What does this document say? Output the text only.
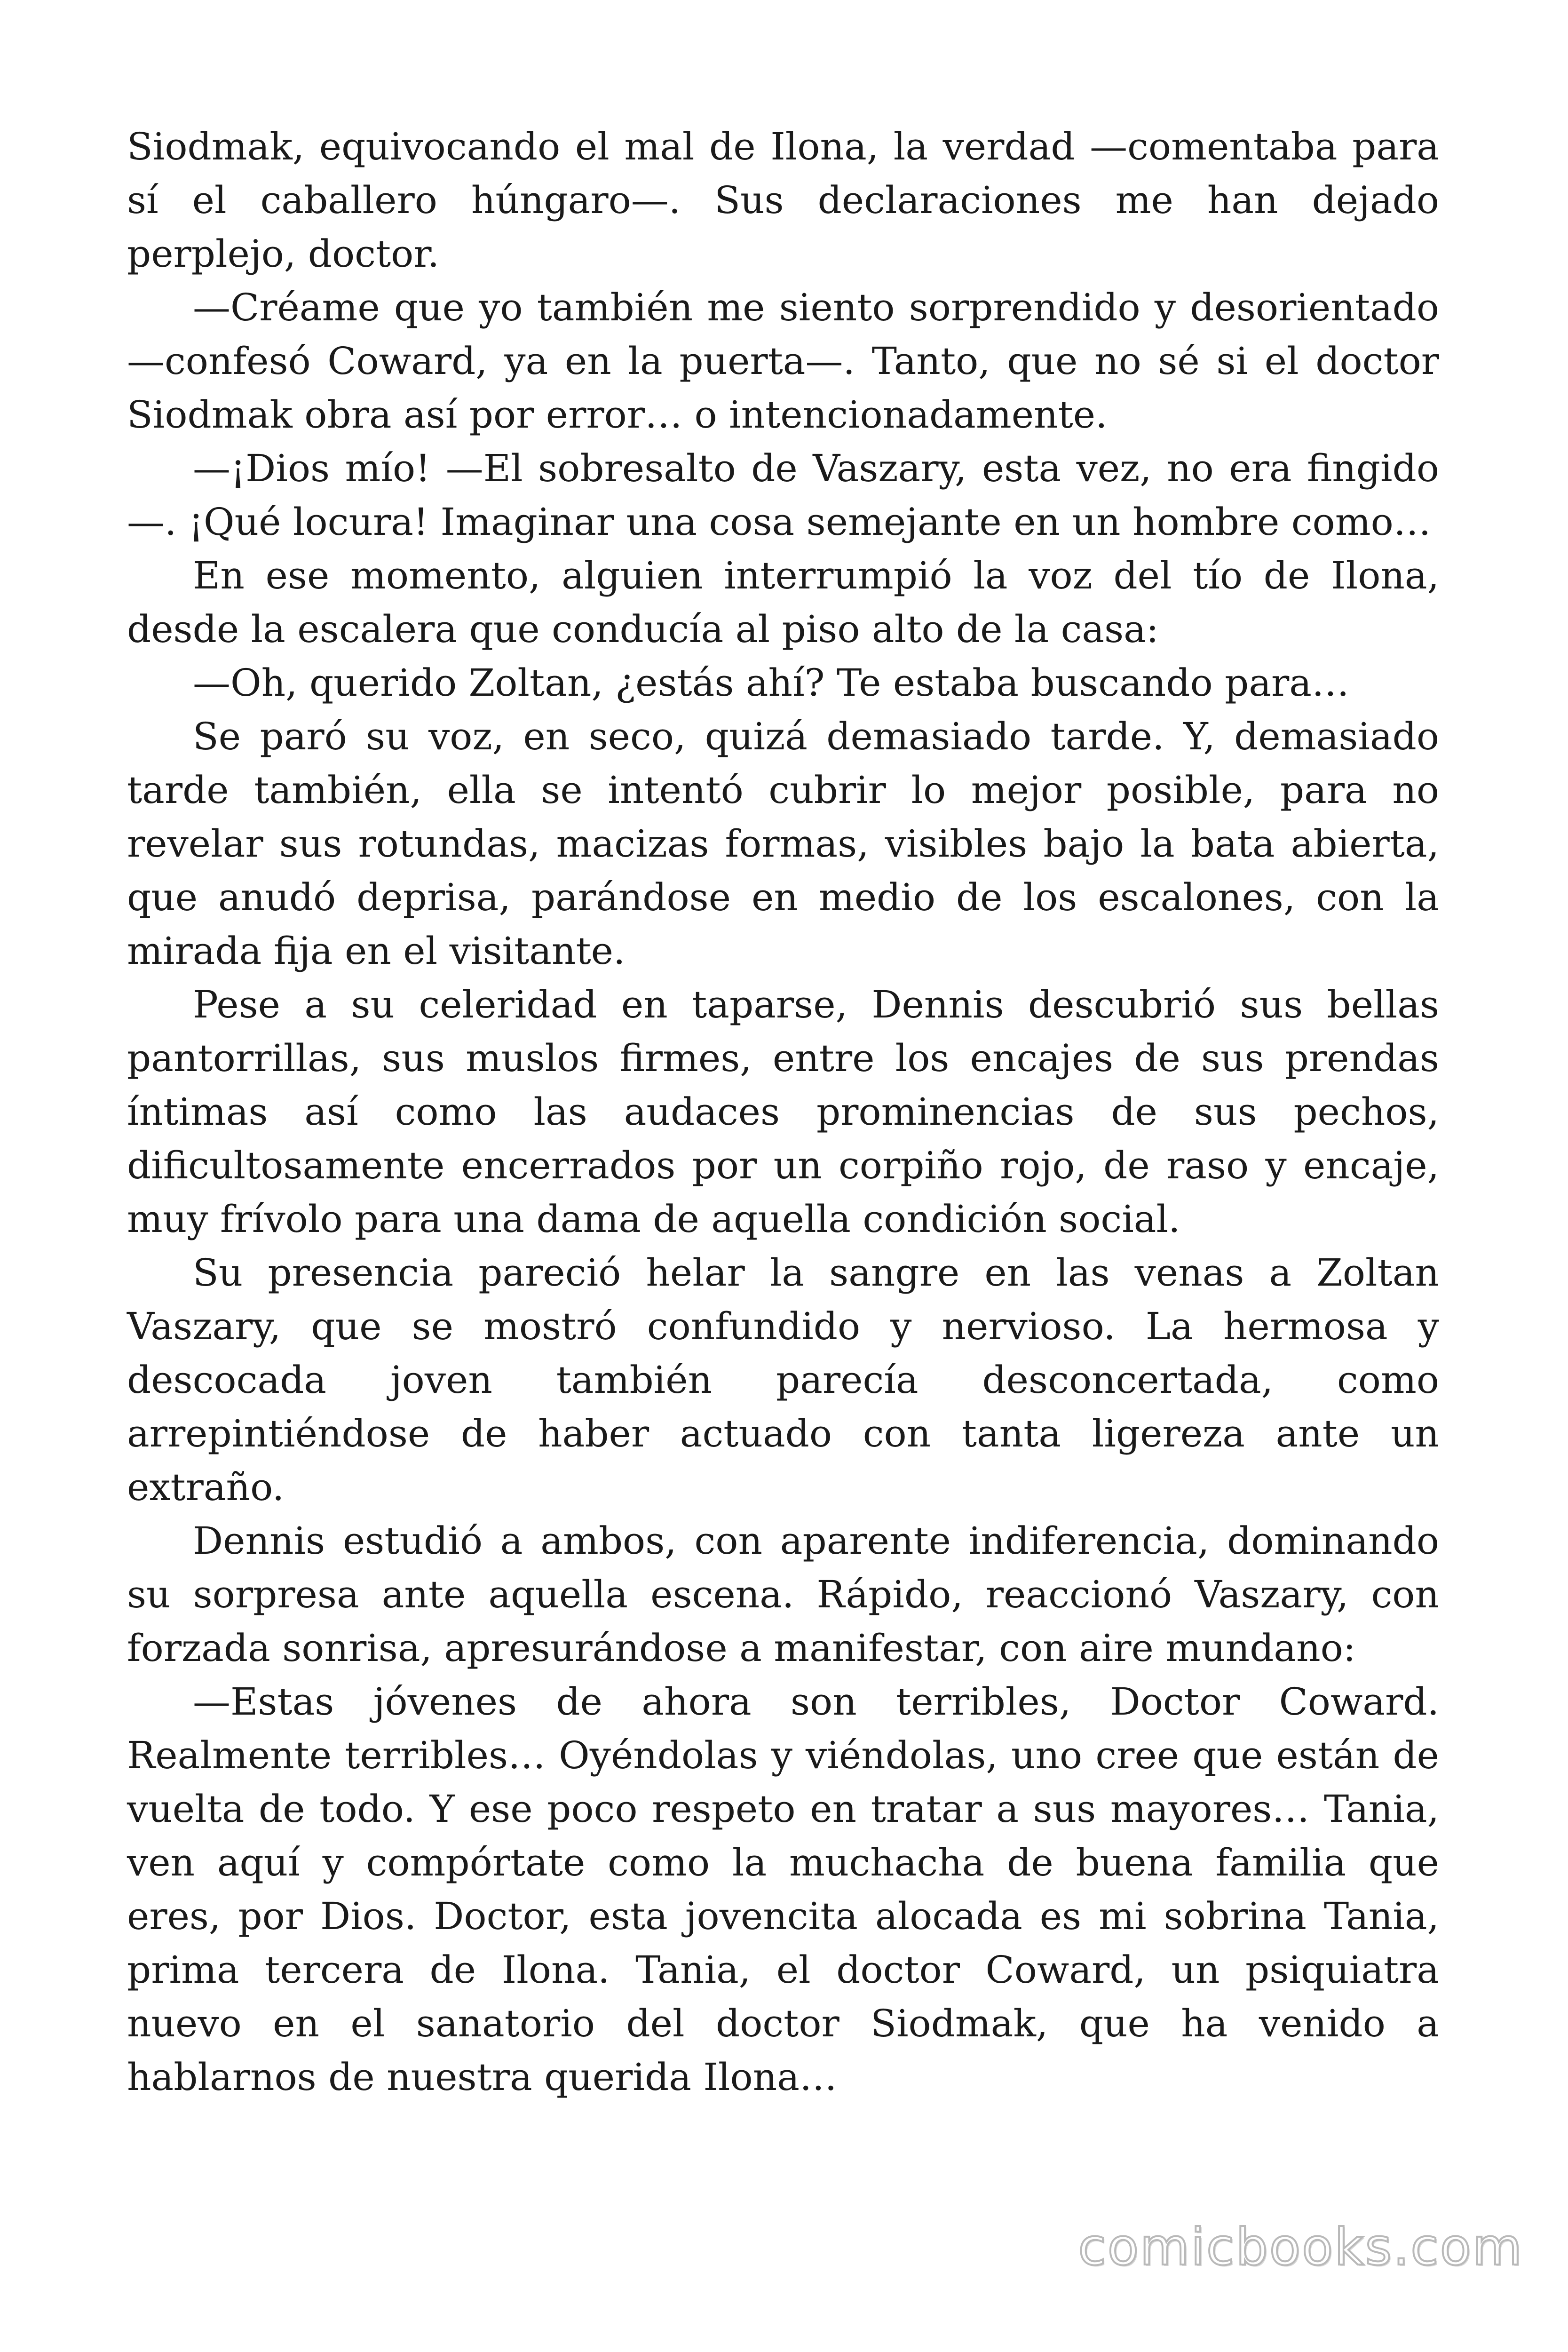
Siodmak, equivocando el mal de Ilona, la verdad —comentaba para sí el caballero húngaro—. Sus declaraciones me han dejado perplejo, doctor.

—Créame que yo también me siento sorprendido y desorientado —confesó Coward, ya en la puerta—. Tanto, que no sé si el doctor Siodmak obra así por error… o intencionadamente.

—¡Dios mío! —El sobresalto de Vaszary, esta vez, no era fingido —. ¡Qué locura! Imaginar una cosa semejante en un hombre como…

En ese momento, alguien interrumpió la voz del tío de Ilona, desde la escalera que conducía al piso alto de la casa:

—Oh, querido Zoltan, ¿estás ahí? Te estaba buscando para…

Se paró su voz, en seco, quizá demasiado tarde. Y, demasiado tarde también, ella se intentó cubrir lo mejor posible, para no revelar sus rotundas, macizas formas, visibles bajo la bata abierta, que anudó deprisa, parándose en medio de los escalones, con la mirada fija en el visitante.

Pese a su celeridad en taparse, Dennis descubrió sus bellas pantorrillas, sus muslos firmes, entre los encajes de sus prendas íntimas así como las audaces prominencias de sus pechos, dificultosamente encerrados por un corpiño rojo, de raso y encaje, muy frívolo para una dama de aquella condición social.

Su presencia pareció helar la sangre en las venas a Zoltan Vaszary, que se mostró confundido y nervioso. La hermosa y descocada joven también parecía desconcertada, como arrepintiéndose de haber actuado con tanta ligereza ante un extraño.

Dennis estudió a ambos, con aparente indiferencia, dominando su sorpresa ante aquella escena. Rápido, reaccionó Vaszary, con forzada sonrisa, apresurándose a manifestar, con aire mundano:

—Estas jóvenes de ahora son terribles, Doctor Coward. Realmente terribles… Oyéndolas y viéndolas, uno cree que están de vuelta de todo. Y ese poco respeto en tratar a sus mayores… Tania, ven aquí y compórtate como la muchacha de buena familia que eres, por Dios. Doctor, esta jovencita alocada es mi sobrina Tania, prima tercera de Ilona. Tania, el doctor Coward, un psiquiatra nuevo en el sanatorio del doctor Siodmak, que ha venido a hablarnos de nuestra querida Ilona…

comicbooks.com
